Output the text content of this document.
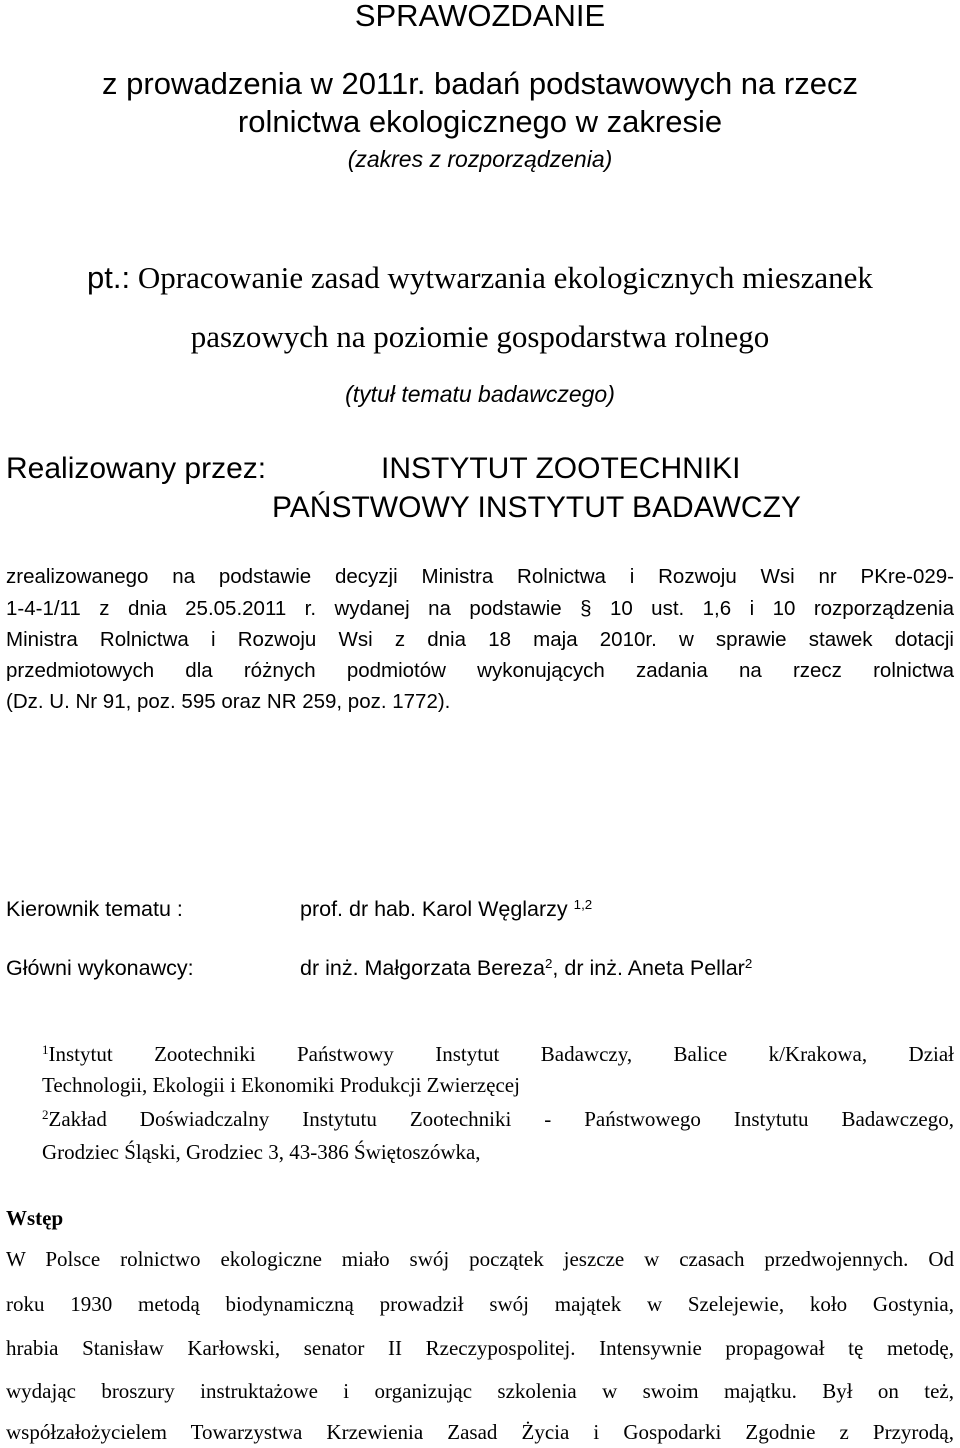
SPRAWOZDANIE
z prowadzenia w 2011r. badań podstawowych na rzecz
rolnictwa ekologicznego w zakresie
(zakres z rozporządzenia)
pt.: Opracowanie zasad wytwarzania ekologicznych mieszanek
paszowych na poziomie gospodarstwa rolnego
(tytuł tematu badawczego)
Realizowany przez:	INSTYTUT ZOOTECHNIKI
PAŃSTWOWY INSTYTUT BADAWCZY
zrealizowanego na podstawie decyzji Ministra Rolnictwa i Rozwoju Wsi nr PKre-029-
1-4-1/11 z dnia 25.05.2011 r. wydanej na podstawie § 10 ust. 1,6 i 10 rozporządzenia
Ministra Rolnictwa i Rozwoju Wsi z dnia 18 maja 2010r. w sprawie stawek dotacji
przedmiotowych dla różnych podmiotów wykonujących zadania na rzecz rolnictwa
(Dz. U. Nr 91, poz. 595 oraz NR 259, poz. 1772).
Kierownik tematu :	prof. dr hab. Karol Węglarzy $^{1,2}$
Główni wykonawcy:	dr inż. Małgorzata Bereza$^2$, dr inż. Aneta Pellar$^2$
$^1$Instytut Zootechniki Państwowy Instytut Badawczy, Balice k/Krakowa, Dział
Technologii, Ekologii i Ekonomiki Produkcji Zwierzęcej
$^2$Zakład Doświadczalny Instytutu Zootechniki - Państwowego Instytutu Badawczego,
Grodziec Śląski, Grodziec 3, 43-386 Świętoszówka,
Wstęp
W Polsce rolnictwo ekologiczne miało swój początek jeszcze w czasach przedwojennych. Od
roku 1930 metodą biodynamiczną prowadził swój majątek w Szelejewie, koło Gostynia,
hrabia Stanisław Karłowski, senator II Rzeczypospolitej. Intensywnie propagował tę metodę,
wydając broszury instruktażowe i organizując szkolenia w swoim majątku. Był on też,
współzałożycielem Towarzystwa Krzewienia Zasad Życia i Gospodarki Zgodnie z Przyrodą,
